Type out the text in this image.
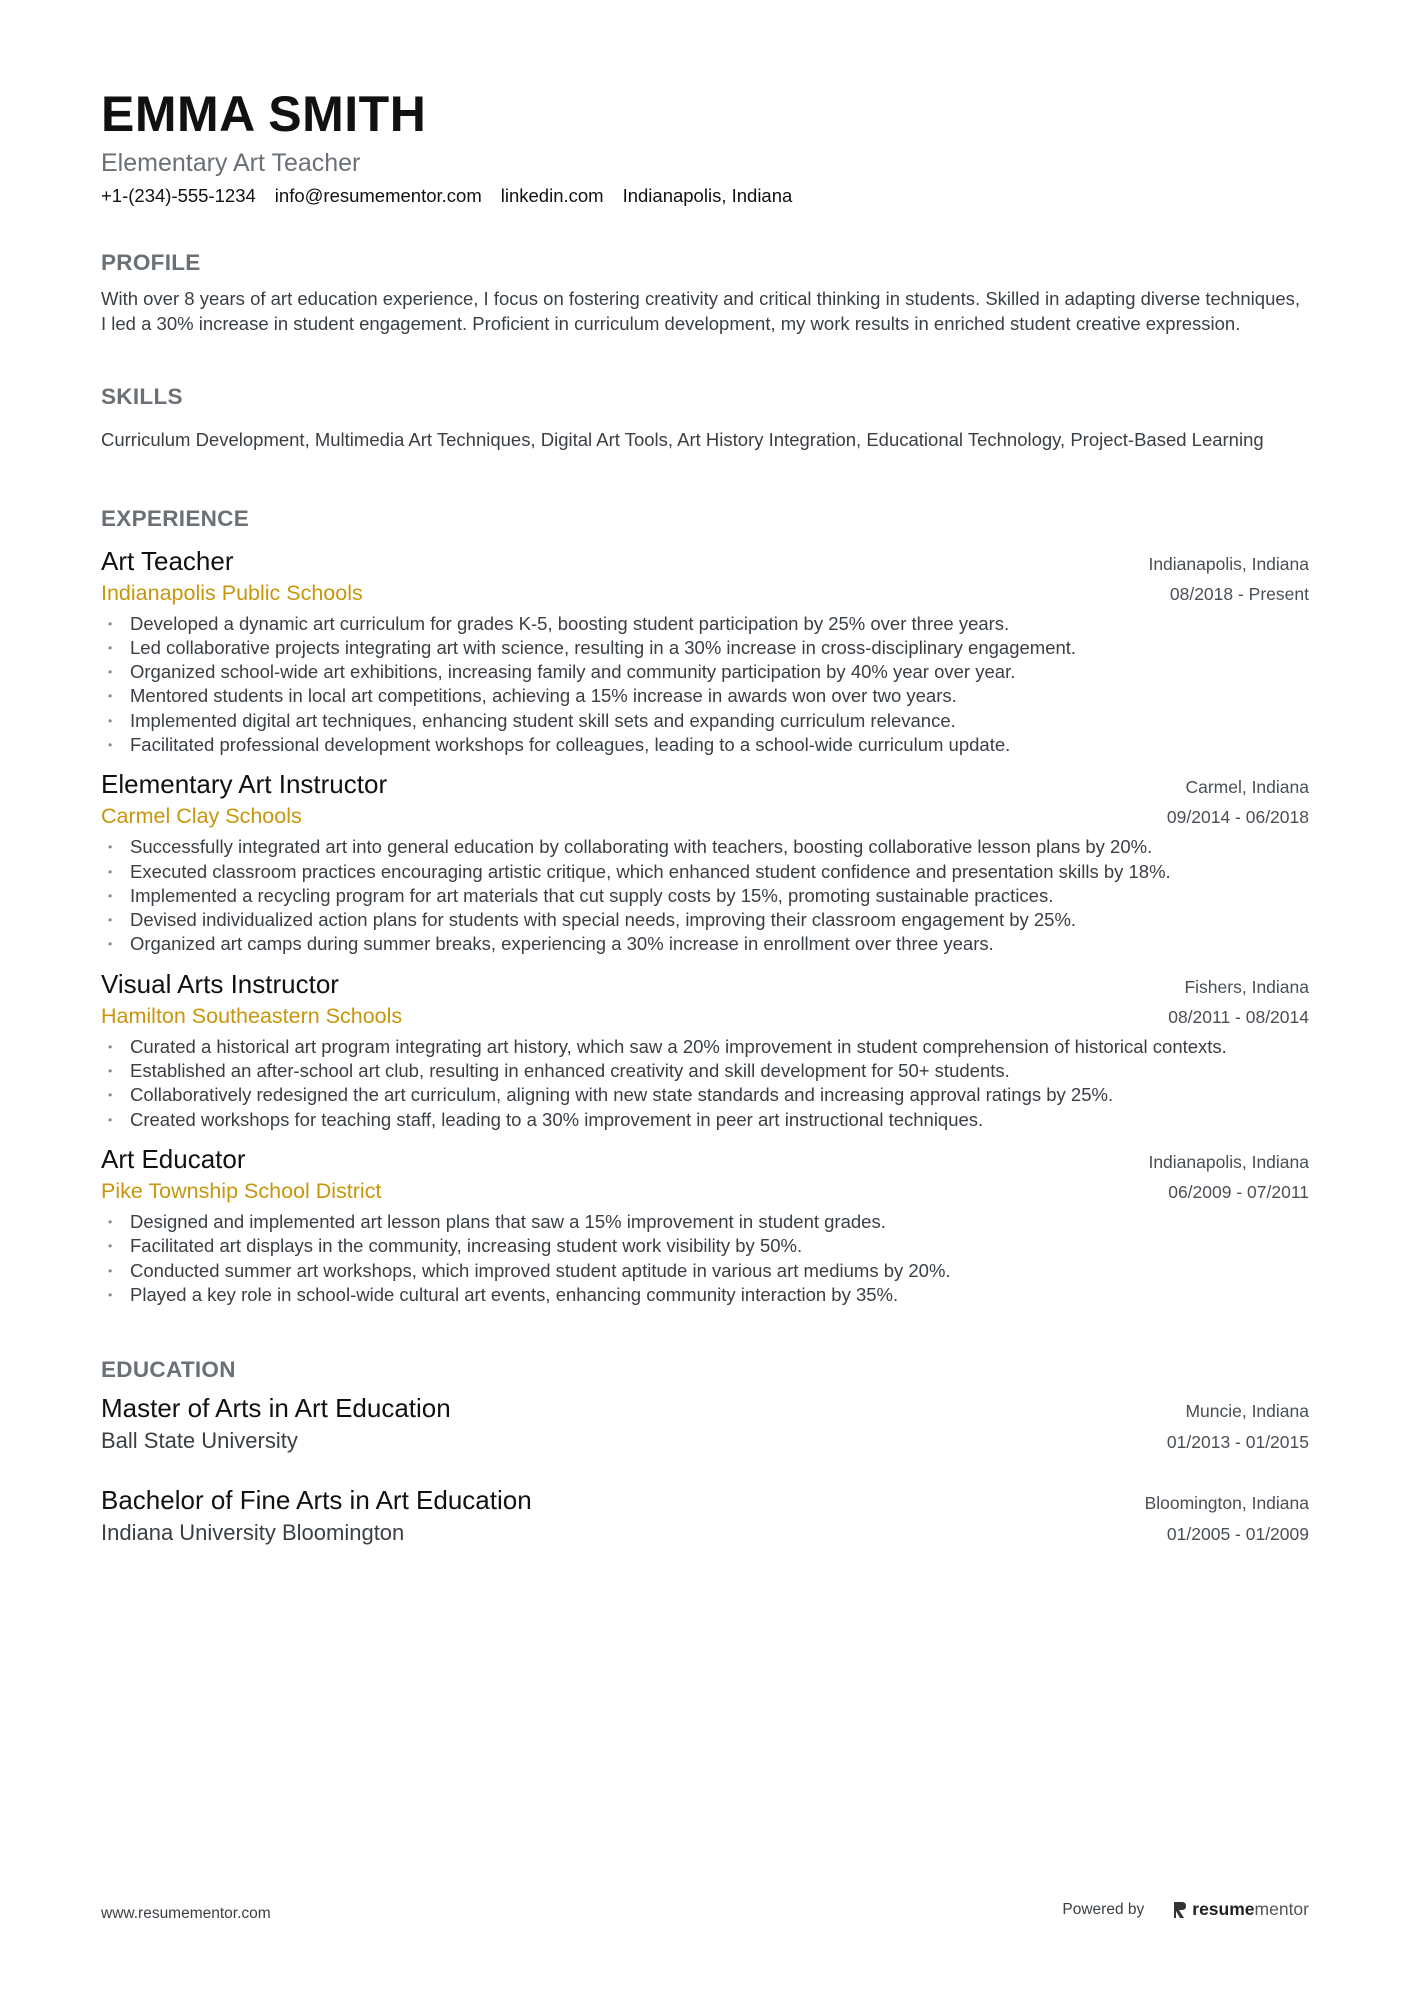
EMMA SMITH
Elementary Art Teacher
+1-(234)-555-1234 info@resumementor.com linkedin.com Indianapolis, Indiana
PROFILE
With over 8 years of art education experience, I focus on fostering creativity and critical thinking in students. Skilled in adapting diverse techniques, I led a 30% increase in student engagement. Proficient in curriculum development, my work results in enriched student creative expression.
SKILLS
Curriculum Development, Multimedia Art Techniques, Digital Art Tools, Art History Integration, Educational Technology, Project-Based Learning
EXPERIENCE
Art Teacher	Indianapolis, Indiana
Indianapolis Public Schools	08/2018 - Present
• Developed a dynamic art curriculum for grades K-5, boosting student participation by 25% over three years.
• Led collaborative projects integrating art with science, resulting in a 30% increase in cross-disciplinary engagement.
• Organized school-wide art exhibitions, increasing family and community participation by 40% year over year.
• Mentored students in local art competitions, achieving a 15% increase in awards won over two years.
• Implemented digital art techniques, enhancing student skill sets and expanding curriculum relevance.
• Facilitated professional development workshops for colleagues, leading to a school-wide curriculum update.
Elementary Art Instructor	Carmel, Indiana
Carmel Clay Schools	09/2014 - 06/2018
• Successfully integrated art into general education by collaborating with teachers, boosting collaborative lesson plans by 20%.
• Executed classroom practices encouraging artistic critique, which enhanced student confidence and presentation skills by 18%.
• Implemented a recycling program for art materials that cut supply costs by 15%, promoting sustainable practices.
• Devised individualized action plans for students with special needs, improving their classroom engagement by 25%.
• Organized art camps during summer breaks, experiencing a 30% increase in enrollment over three years.
Visual Arts Instructor	Fishers, Indiana
Hamilton Southeastern Schools	08/2011 - 08/2014
• Curated a historical art program integrating art history, which saw a 20% improvement in student comprehension of historical contexts.
• Established an after-school art club, resulting in enhanced creativity and skill development for 50+ students.
• Collaboratively redesigned the art curriculum, aligning with new state standards and increasing approval ratings by 25%.
• Created workshops for teaching staff, leading to a 30% improvement in peer art instructional techniques.
Art Educator	Indianapolis, Indiana
Pike Township School District	06/2009 - 07/2011
• Designed and implemented art lesson plans that saw a 15% improvement in student grades.
• Facilitated art displays in the community, increasing student work visibility by 50%.
• Conducted summer art workshops, which improved student aptitude in various art mediums by 20%.
• Played a key role in school-wide cultural art events, enhancing community interaction by 35%.
EDUCATION
Master of Arts in Art Education	Muncie, Indiana
Ball State University	01/2013 - 01/2015
Bachelor of Fine Arts in Art Education	Bloomington, Indiana
Indiana University Bloomington	01/2005 - 01/2009
www.resumementor.com	Powered by	resumementor
